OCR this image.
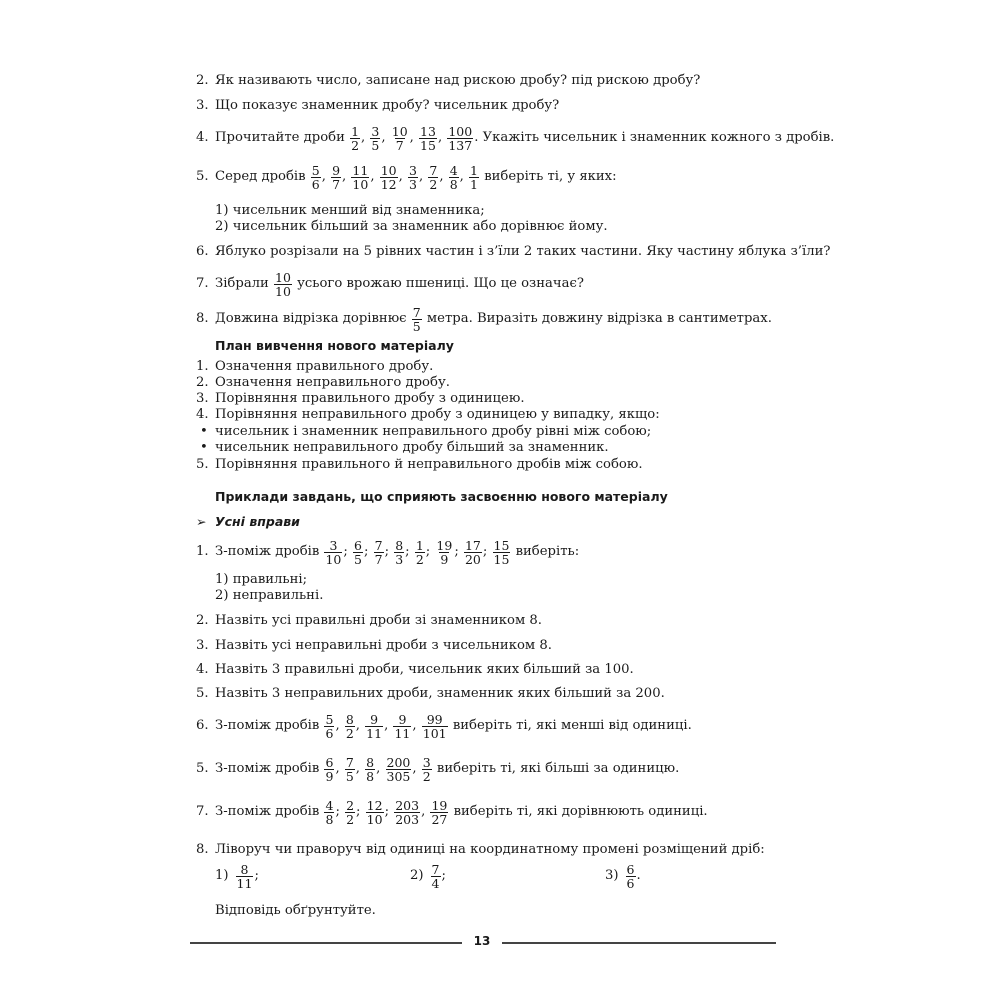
2. Як називають число, записане над рискою дробу? під рискою дробу?
3. Що показує знаменник дробу? чисельник дробу?
6. Яблуко розрізали на 5 рівних частин і з’їли 2 таких частини. Яку частину яблука з’їли?
1. Означення правильного дробу.
2. Означення неправильного дробу.
3. Порівняння правильного дробу з одиницею.
4. Порівняння неправильного дробу з одиницею у випадку, якщо:
• чисельник і знаменник неправильного дробу рівні між собою;
• чисельник неправильного дробу більший за знаменник.
5. Порівняння правильного й неправильного дробів між собою.
1) правильні;
2) неправильні.
2. Назвіть усі правильні дроби зі знаменником 8.
3. Назвіть усі неправильні дроби з чисельником 8.
4. Назвіть 3 правильні дроби, чисельник яких більший за 100.
5. Назвіть 3 неправильних дроби, знаменник яких більший за 200.
8. Ліворуч чи праворуч від одиниці на координатному промені розміщений дріб:
Відповідь обґрунтуйте.
1) чисельник менший від знаменника;
2) чисельник більший за знаменник або дорівнює йому.
План вивчення нового матеріалу
Приклади завдань, що сприяють засвоєнню нового матеріалу
➢ Усні вправи
4. Прочитайте дроби $\frac{1}{2}$ , $\frac{3}{5}$ , $\frac{10}{7}$ , $\frac{13}{15}$ , $\frac{100}{137}$ . Укажіть чисельник і знаменник кожного з дробів.
5. Серед дробів $\frac{5}{6}$ , $\frac{9}{7}$ , $\frac{11}{10}$ , $\frac{10}{12}$ , $\frac{3}{3}$ , $\frac{7}{2}$ , $\frac{4}{8}$ , $\frac{1}{1}$ виберіть ті, у яких:
7. Зібрали $\frac{10}{10}$ усього врожаю пшениці. Що це означає?
8. Довжина відрізка дорівнює $\frac{7}{5}$ метра. Виразіть довжину відрізка в сантиметрах.
1. З-поміж дробів $\frac{3}{10}$ ; $\frac{6}{5}$ ; $\frac{7}{7}$ ; $\frac{8}{3}$ ; $\frac{1}{2}$ ; $\frac{19}{9}$ ; $\frac{17}{20}$ ; $\frac{15}{15}$ виберіть:
6. З-поміж дробів $\frac{5}{6}$ , $\frac{8}{2}$ , $\frac{9}{11}$ , $\frac{9}{11}$ , $\frac{99}{101}$ виберіть ті, які менші від одиниці.
5. З-поміж дробів $\frac{6}{9}$ , $\frac{7}{5}$ , $\frac{8}{8}$ , $\frac{200}{305}$ , $\frac{3}{2}$ виберіть ті, які більші за одиницю.
7. З-поміж дробів $\frac{4}{8}$ ; $\frac{2}{2}$ ; $\frac{12}{10}$ ; $\frac{203}{203}$ , $\frac{19}{27}$ виберіть ті, які дорівнюють одиниці.
$1) \frac{8}{11}$ ;	$2) \frac{7}{4}$ ;	$3) \frac{6}{6}$ .
13
